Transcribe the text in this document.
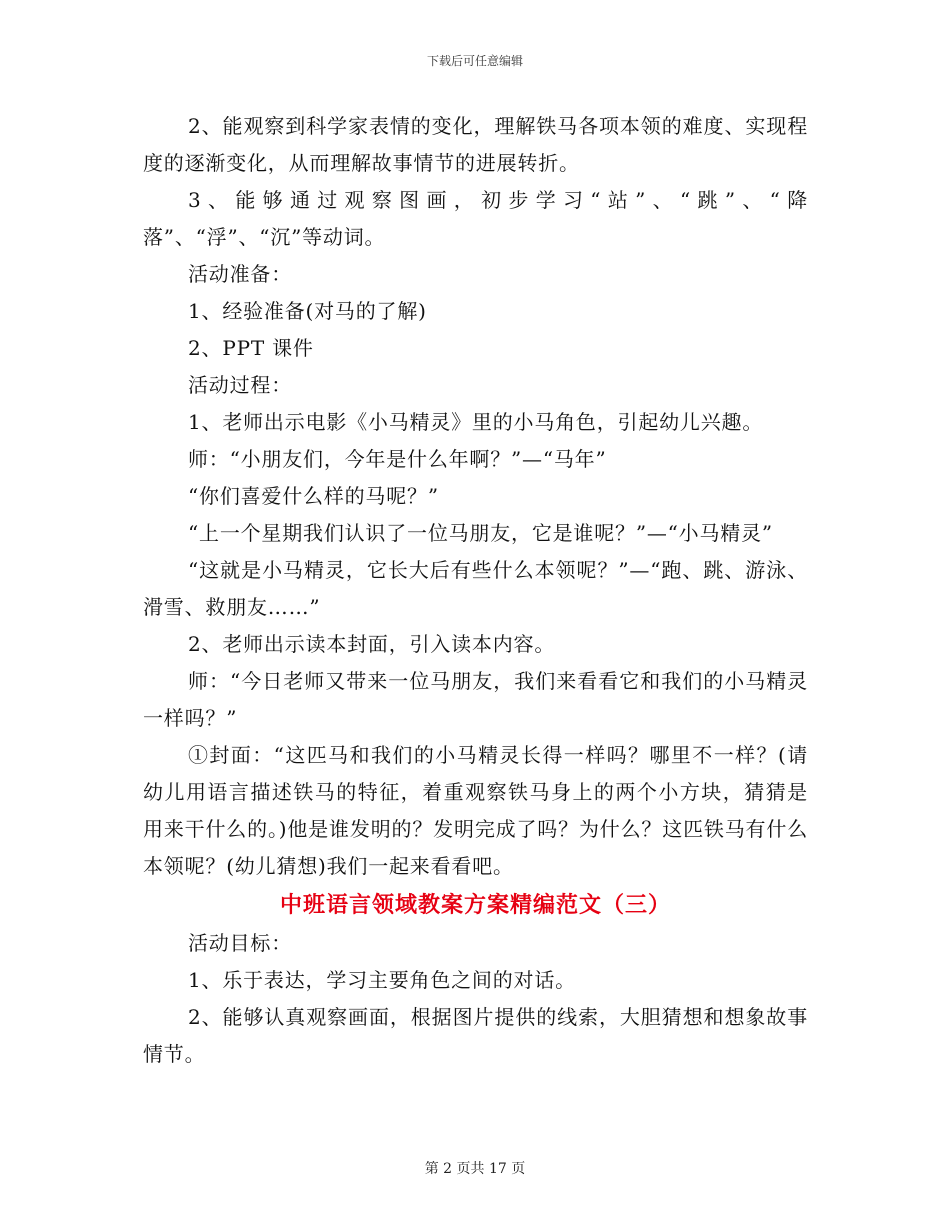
下载后可任意编辑

2、能观察到科学家表情的变化，理解铁马各项本领的难度、实现程度的逐渐变化，从而理解故事情节的进展转折。

3、能够通过观察图画，初步学习“站”、“跳”、“降落”、“浮”、“沉”等动词。

活动准备：

1、经验准备(对马的了解)

2、PPT 课件

活动过程：

1、老师出示电影《小马精灵》里的小马角色，引起幼儿兴趣。

师：“小朋友们，今年是什么年啊？”—“马年”

“你们喜爱什么样的马呢？”

“上一个星期我们认识了一位马朋友，它是谁呢？”—“小马精灵”

“这就是小马精灵，它长大后有些什么本领呢？”—“跑、跳、游泳、滑雪、救朋友……”

2、老师出示读本封面，引入读本内容。

师：“今日老师又带来一位马朋友，我们来看看它和我们的小马精灵一样吗？”

①封面：“这匹马和我们的小马精灵长得一样吗？哪里不一样？(请幼儿用语言描述铁马的特征，着重观察铁马身上的两个小方块，猜猜是用来干什么的。)他是谁发明的？发明完成了吗？为什么？这匹铁马有什么本领呢？(幼儿猜想)我们一起来看看吧。

中班语言领域教案方案精编范文（三）

活动目标：

1、乐于表达，学习主要角色之间的对话。

2、能够认真观察画面，根据图片提供的线索，大胆猜想和想象故事情节。

第 2 页共 17 页
